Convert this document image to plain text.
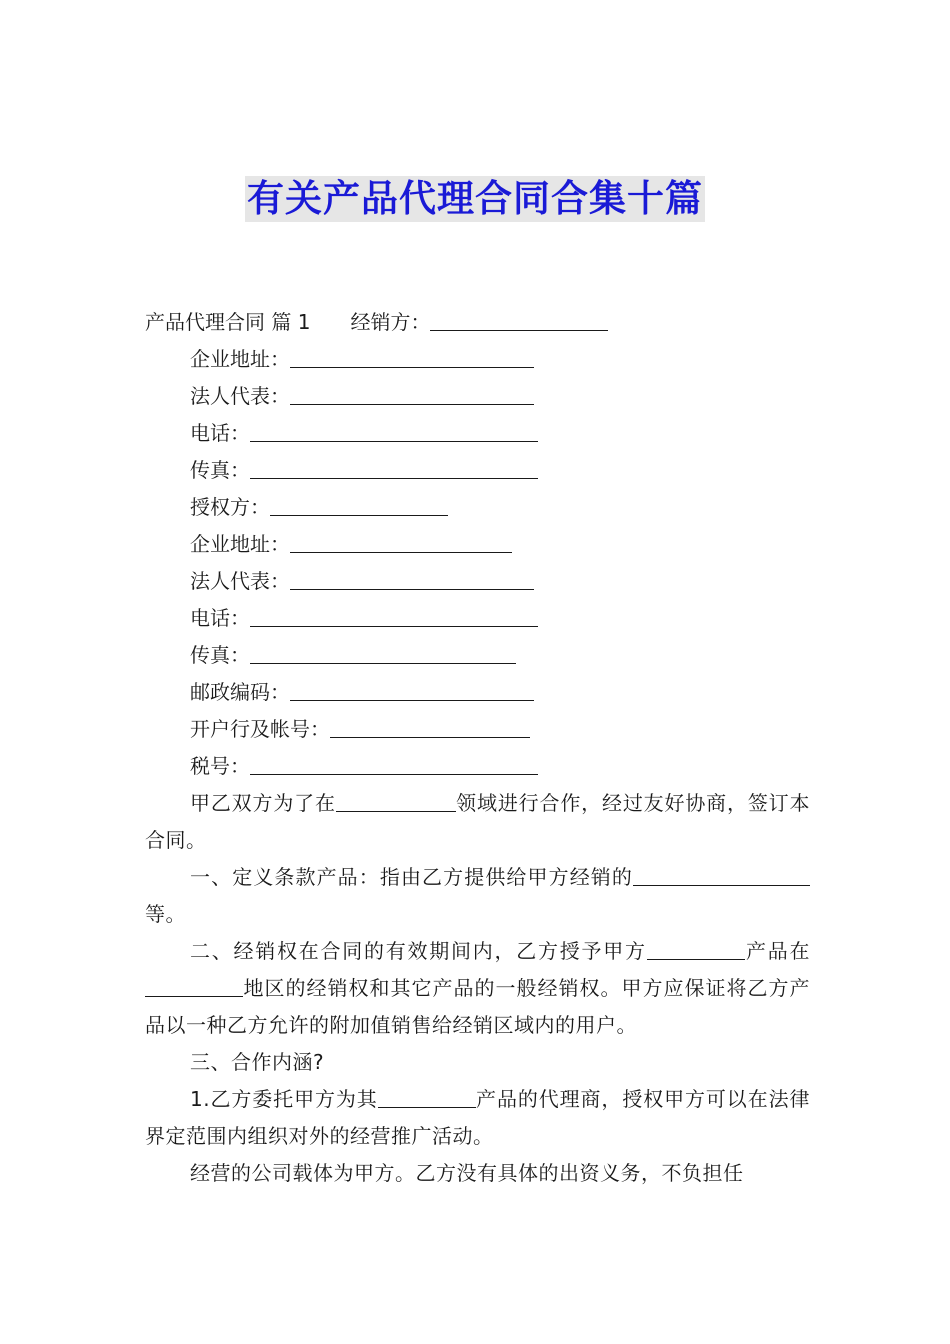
有关产品代理合同合集十篇
产品代理合同 篇 1 经销方：
企业地址：
法人代表：
电话：
传真：
授权方：
企业地址：
法人代表：
电话：
传真：
邮政编码：
开户行及帐号：
税号：
甲乙双方为了在	领域进行合作，经过友好协商，签订本合同。
一、定义条款产品：指由乙方提供给甲方经销的等。
二、经销权在合同的有效期间内，乙方授予甲方	产品在地区的经销权和其它产品的一般经销权。甲方应保证将乙方产品以一种乙方允许的附加值销售给经销区域内的用户。
三、合作内涵?
1.乙方委托甲方为其	产品的代理商，授权甲方可以在法律界定范围内组织对外的经营推广活动。
经营的公司载体为甲方。乙方没有具体的出资义务，不负担任
